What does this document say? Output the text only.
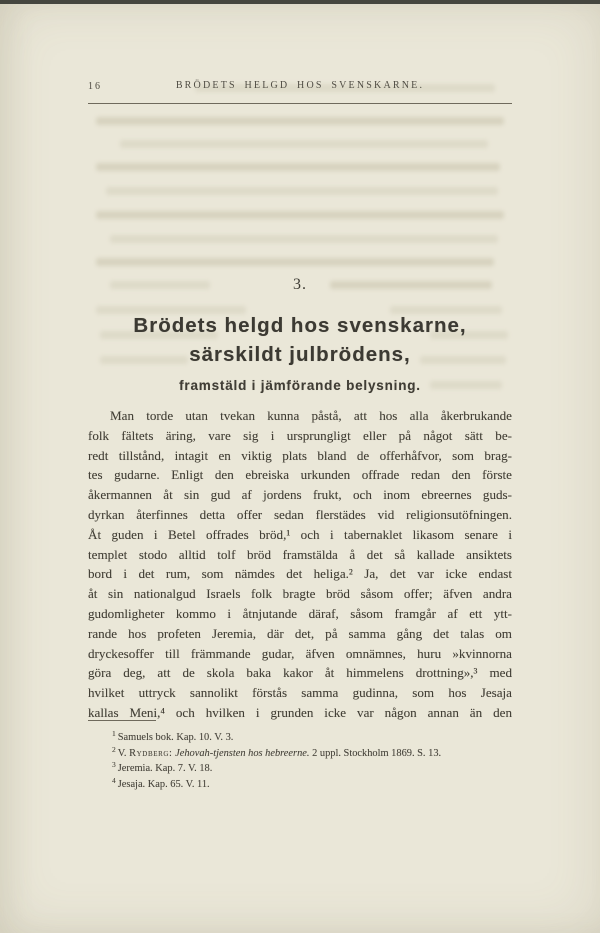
16	BRÖDETS HELGD HOS SVENSKARNE.
3.
Brödets helgd hos svenskarne,
särskildt julbrödens,
framstäld i jämförande belysning.
Man torde utan tvekan kunna påstå, att hos alla åkerbrukande
folk fältets äring, vare sig i ursprungligt eller på något sätt be-
redt tillstånd, intagit en viktig plats bland de offerhåfvor, som brag-
tes gudarne. Enligt den ebreiska urkunden offrade redan den förste
åkermannen åt sin gud af jordens frukt, och inom ebreernes guds-
dyrkan återfinnes detta offer sedan flerstädes vid religionsutöfningen.
Åt guden i Betel offrades bröd,¹ och i tabernaklet likasom senare i
templet stodo alltid tolf bröd framstälda å det så kallade ansiktets
bord i det rum, som nämdes det heliga.² Ja, det var icke endast
åt sin nationalgud Israels folk bragte bröd såsom offer; äfven andra
gudomligheter kommo i åtnjutande däraf, såsom framgår af ett ytt-
rande hos profeten Jeremia, där det, på samma gång det talas om
dryckesoffer till främmande gudar, äfven omnämnes, huru »kvinnorna
göra deg, att de skola baka kakor åt himmelens drottning»,³ med
hvilket uttryck sannolikt förstås samma gudinna, som hos Jesaja
kallas Meni,⁴ och hvilken i grunden icke var någon annan än den
$^1$ Samuels bok. Kap. 10. V. 3.
$^2$ V. Rydberg: Jehovah-tjensten hos hebreerne. 2 uppl. Stockholm 1869. S. 13.
$^3$ Jeremia. Kap. 7. V. 18.
$^4$ Jesaja. Kap. 65. V. 11.
